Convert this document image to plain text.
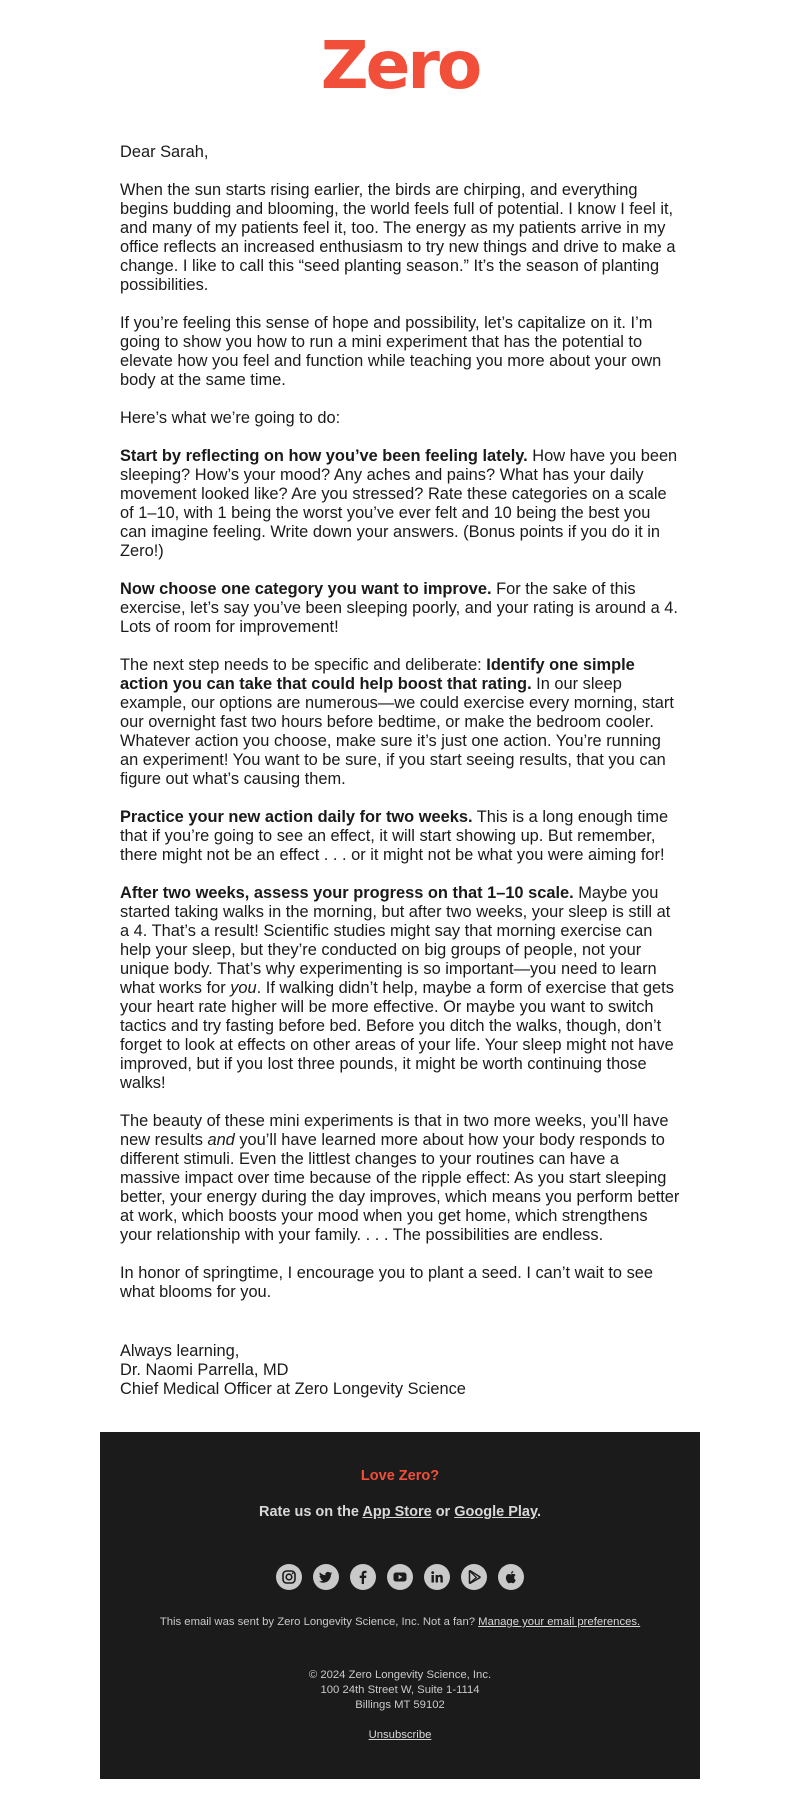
Zero

Dear Sarah,

When the sun starts rising earlier, the birds are chirping, and everything begins budding and blooming, the world feels full of potential. I know I feel it, and many of my patients feel it, too. The energy as my patients arrive in my office reflects an increased enthusiasm to try new things and drive to make a change. I like to call this “seed planting season.” It’s the season of planting possibilities.

If you’re feeling this sense of hope and possibility, let’s capitalize on it. I’m going to show you how to run a mini experiment that has the potential to elevate how you feel and function while teaching you more about your own body at the same time.

Here’s what we’re going to do:

Start by reflecting on how you’ve been feeling lately. How have you been sleeping? How’s your mood? Any aches and pains? What has your daily movement looked like? Are you stressed? Rate these categories on a scale of 1–10, with 1 being the worst you’ve ever felt and 10 being the best you can imagine feeling. Write down your answers. (Bonus points if you do it in Zero!)

Now choose one category you want to improve. For the sake of this exercise, let’s say you’ve been sleeping poorly, and your rating is around a 4. Lots of room for improvement!

The next step needs to be specific and deliberate: Identify one simple action you can take that could help boost that rating. In our sleep example, our options are numerous—we could exercise every morning, start our overnight fast two hours before bedtime, or make the bedroom cooler. Whatever action you choose, make sure it’s just one action. You’re running an experiment! You want to be sure, if you start seeing results, that you can figure out what’s causing them.

Practice your new action daily for two weeks. This is a long enough time that if you’re going to see an effect, it will start showing up. But remember, there might not be an effect . . . or it might not be what you were aiming for!

After two weeks, assess your progress on that 1–10 scale. Maybe you started taking walks in the morning, but after two weeks, your sleep is still at a 4. That’s a result! Scientific studies might say that morning exercise can help your sleep, but they’re conducted on big groups of people, not your unique body. That’s why experimenting is so important—you need to learn what works for you. If walking didn’t help, maybe a form of exercise that gets your heart rate higher will be more effective. Or maybe you want to switch tactics and try fasting before bed. Before you ditch the walks, though, don’t forget to look at effects on other areas of your life. Your sleep might not have improved, but if you lost three pounds, it might be worth continuing those walks!

The beauty of these mini experiments is that in two more weeks, you’ll have new results and you’ll have learned more about how your body responds to different stimuli. Even the littlest changes to your routines can have a massive impact over time because of the ripple effect: As you start sleeping better, your energy during the day improves, which means you perform better at work, which boosts your mood when you get home, which strengthens your relationship with your family. . . . The possibilities are endless.

In honor of springtime, I encourage you to plant a seed. I can’t wait to see what blooms for you.

Always learning,
Dr. Naomi Parrella, MD
Chief Medical Officer at Zero Longevity Science

Love Zero?
Rate us on the App Store or Google Play.

This email was sent by Zero Longevity Science, Inc. Not a fan? Manage your email preferences.
© 2024 Zero Longevity Science, Inc.
100 24th Street W, Suite 1-1114
Billings MT 59102
Unsubscribe
